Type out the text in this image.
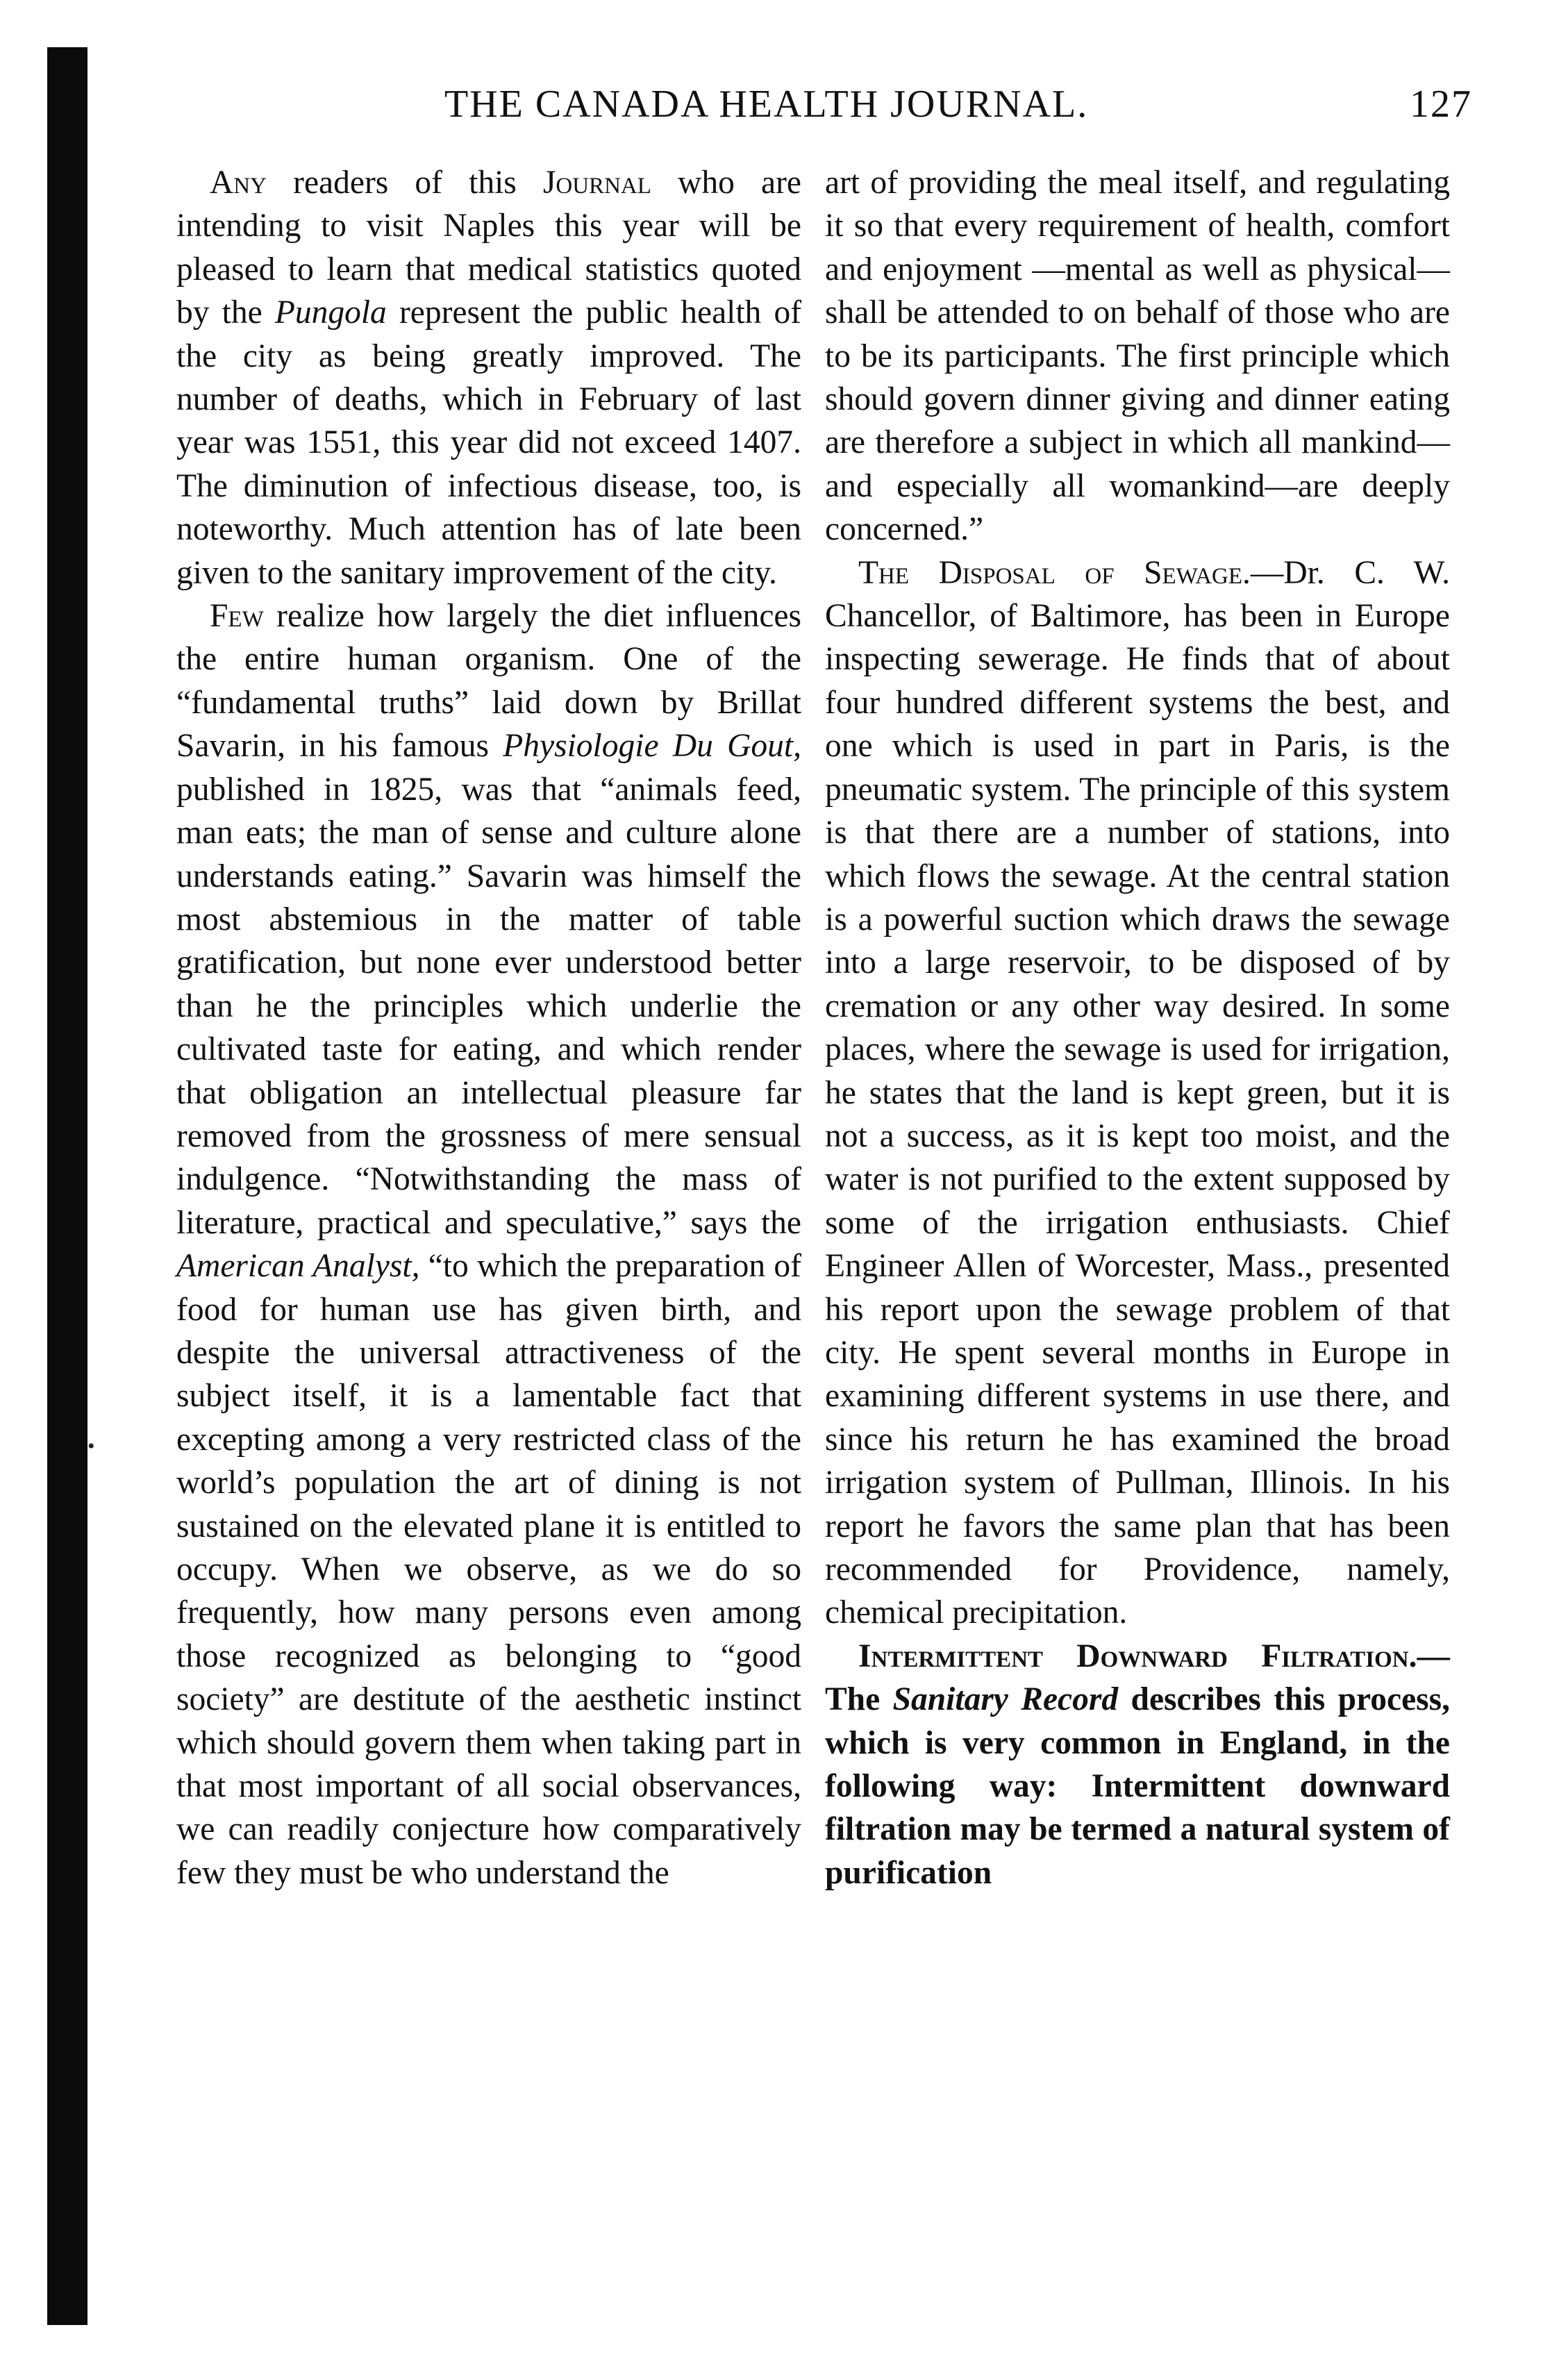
•
THE CANADA HEALTH JOURNAL.	127

Any readers of this Journal who are intending to visit Naples this year will be pleased to learn that medical statistics quoted by the Pungola represent the public health of the city as being greatly improved. The number of deaths, which in February of last year was 1551, this year did not exceed 1407. The diminution of infectious disease, too, is noteworthy. Much attention has of late been given to the sanitary improvement of the city.

Few realize how largely the diet influences the entire human organism. One of the “fundamental truths” laid down by Brillat Savarin, in his famous Physiologie Du Gout, published in 1825, was that “animals feed, man eats; the man of sense and culture alone understands eating.” Savarin was himself the most abstemious in the matter of table gratification, but none ever understood better than he the principles which underlie the cultivated taste for eating, and which render that obligation an intellectual pleasure far removed from the grossness of mere sensual indulgence. “Notwithstanding the mass of literature, practical and speculative,” says the American Analyst, “to which the preparation of food for human use has given birth, and despite the universal attractiveness of the subject itself, it is a lamentable fact that excepting among a very restricted class of the world’s population the art of dining is not sustained on the elevated plane it is entitled to occupy. When we observe, as we do so frequently, how many persons even among those recognized as belonging to “good society” are destitute of the aesthetic instinct which should govern them when taking part in that most important of all social observances, we can readily conjecture how comparatively few they must be who understand the

art of providing the meal itself, and regulating it so that every requirement of health, comfort and enjoyment —mental as well as physical—shall be attended to on behalf of those who are to be its participants. The first principle which should govern dinner giving and dinner eating are therefore a subject in which all mankind—and especially all womankind—are deeply concerned.”

The Disposal of Sewage.—Dr. C. W. Chancellor, of Baltimore, has been in Europe inspecting sewerage. He finds that of about four hundred different systems the best, and one which is used in part in Paris, is the pneumatic system. The principle of this system is that there are a number of stations, into which flows the sewage. At the central station is a powerful suction which draws the sewage into a large reservoir, to be disposed of by cremation or any other way desired. In some places, where the sewage is used for irrigation, he states that the land is kept green, but it is not a success, as it is kept too moist, and the water is not purified to the extent supposed by some of the irrigation enthusiasts. Chief Engineer Allen of Worcester, Mass., presented his report upon the sewage problem of that city. He spent several months in Europe in examining different systems in use there, and since his return he has examined the broad irrigation system of Pullman, Illinois. In his report he favors the same plan that has been recommended for Providence, namely, chemical precipitation.

Intermittent Downward Filtration.—The Sanitary Record describes this process, which is very common in England, in the following way: Intermittent downward filtration may be termed a natural system of purification
